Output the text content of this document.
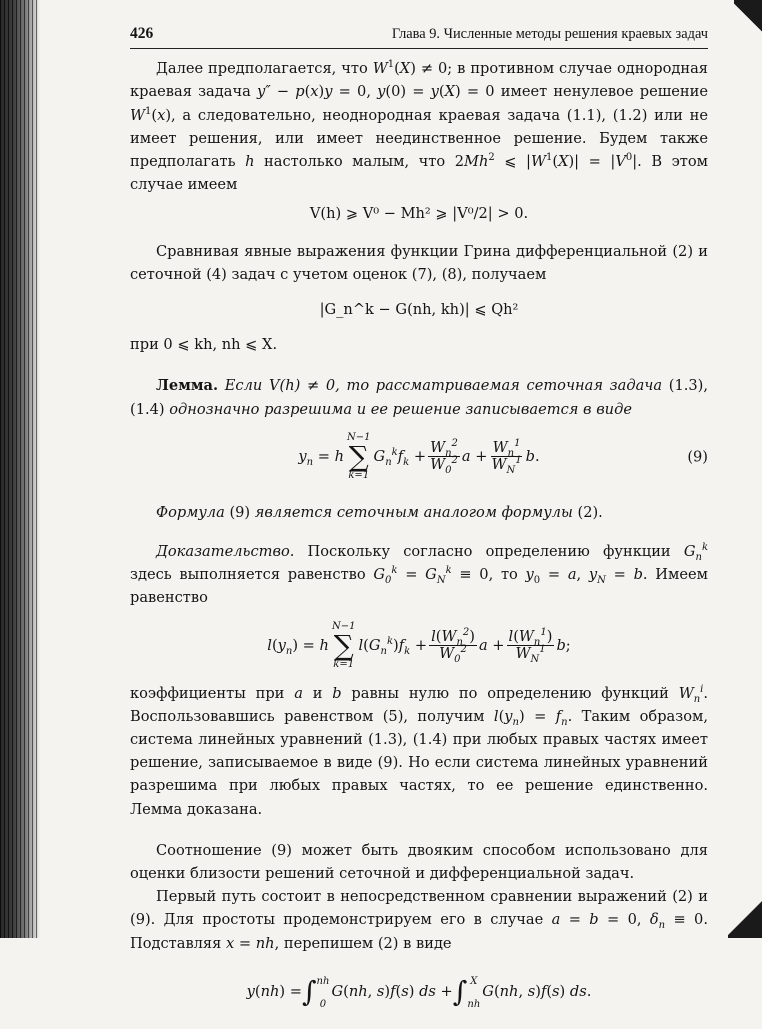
426	Глава 9. Численные методы решения краевых задач

Далее предполагается, что $W^1(X) \ne 0$; в противном случае однородная краевая задача y″ − p(x)y = 0, y(0) = y(X) = 0 имеет ненулевое решение $W^1(x)$, а следовательно, неоднородная краевая задача (1.1), (1.2) или не имеет решения, или имеет неединственное решение. Будем также предполагать h настолько малым, что 2Mh$^2$ ⩽ $|W^1(X)| = |V^0|$. В этом случае имеем

V(h) ⩾ V⁰ − Mh² ⩾ |V⁰/2| > 0.

Сравнивая явные выражения функции Грина дифференциальной (2) и сеточной (4) задач с учетом оценок (7), (8), получаем

|G_n^k − G(nh, kh)| ⩽ Qh²

при 0 ⩽ kh, nh ⩽ X.

Лемма. Если V(h) ≠ 0, то рассматриваемая сеточная задача (1.3), (1.4) однозначно разрешима и ее решение записывается в виде

$y_n = h$
N−1
∑
k=1
$G_n^kf_k + \frac{W_n^2}{W_0^2}$ $a + \frac{W_n^1}{W_N^1}$ b .	(9)

Формула (9) является сеточным аналогом формулы (2).

Доказательство. Поскольку согласно определению функции $G_n^k$ здесь выполняется равенство $G_0^k = G_N^k \equiv 0$, то $y_0 = a$, $y_N = b$. Имеем равенство

$l(y_n) = h$
N−1
∑
k=1
$l(G_n^k)f_k + \frac{l(W_n^2)}{W_0^2}$ $a + \frac{l(W_n^1)}{W_N^1}$ b ;

коэффициенты при a и b равны нулю по определению функций $W_n^i$. Воспользовавшись равенством (5), получим $l(y_n) = f_n$. Таким образом, система линейных уравнений (1.3), (1.4) при любых правых частях имеет решение, записываемое в виде (9). Но если система линейных уравнений разрешима при любых правых частях, то ее решение единственно. Лемма доказана.

Соотношение (9) может быть двояким способом использовано для оценки близости решений сеточной и дифференциальной задач.

Первый путь состоит в непосредственном сравнении выражений (2) и (9). Для простоты продемонстрируем его в случае a = b = 0, $\delta_n \equiv 0$. Подставляя x = nh, перепишем (2) в виде

y(nh) = ∫ nh
0
G(nh, s)f(s) ds + ∫ X
nh
G(nh, s)f(s) ds.
